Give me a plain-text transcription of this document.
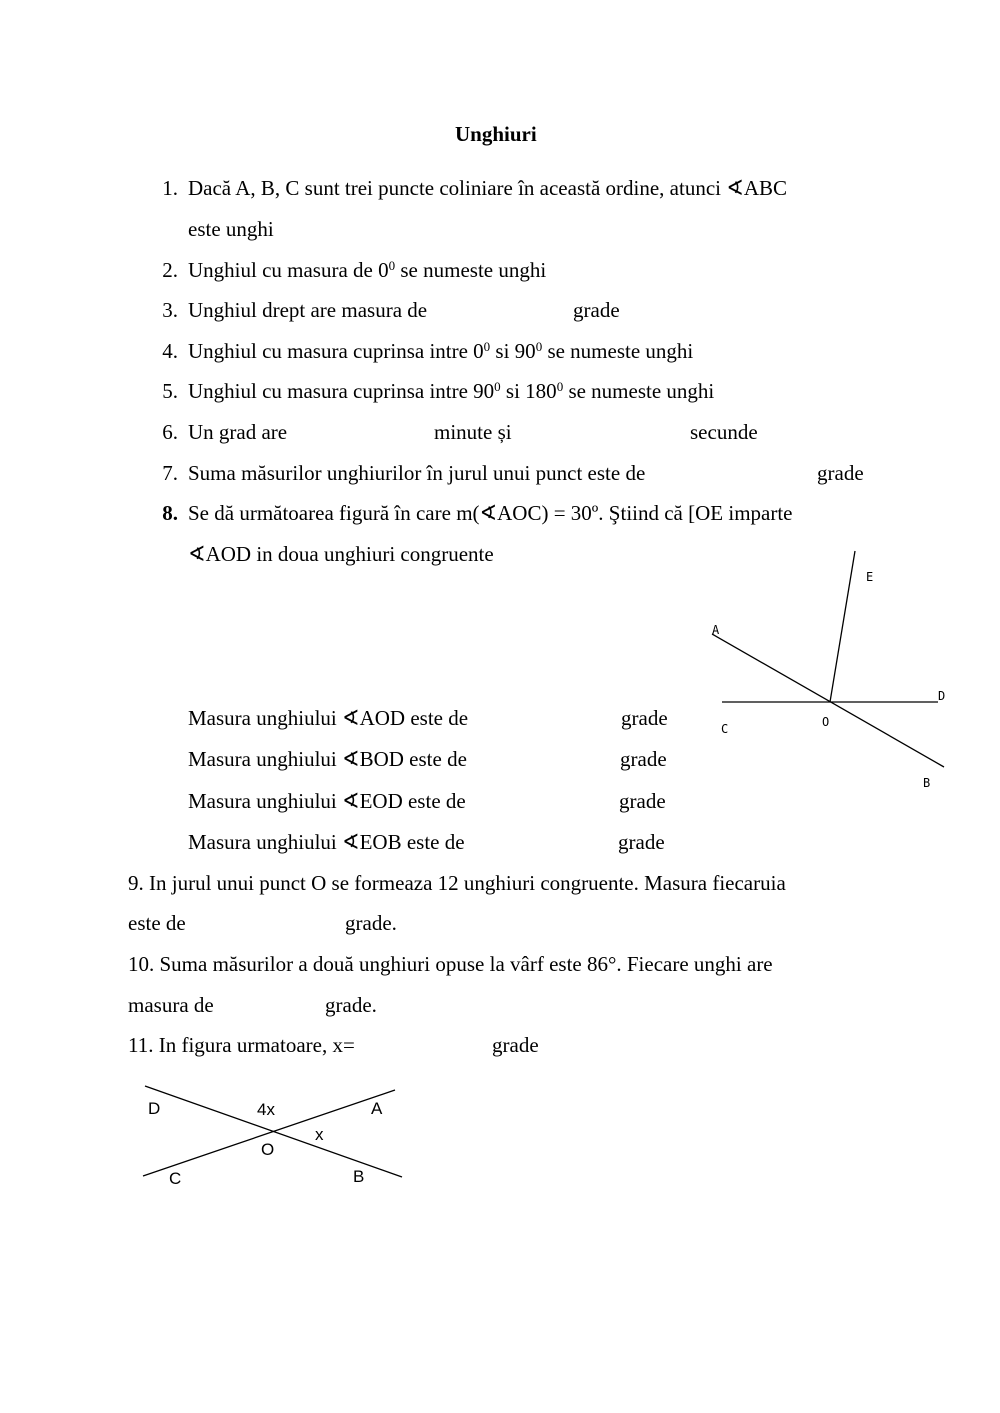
Unghiuri
1. Dacă A, B, C sunt trei puncte coliniare în această ordine, atunci ∢ABC
este unghi
2. Unghiul cu masura de $0^0$ se numeste unghi
3. Unghiul drept are masura de	grade
4. Unghiul cu masura cuprinsa intre $0^0$ si $90^0$ se numeste unghi
5. Unghiul cu masura cuprinsa intre $90^0$ si $180^0$ se numeste unghi
6. Un grad are	minute și	secunde
7. Suma măsurilor unghiurilor în jurul unui punct este de	grade
8. Se dă următoarea figură în care m(∢AOC) = 30º. Ştiind că [OE imparte
∢AOD in doua unghiuri congruente
Masura unghiului ∢AOD este de	grade
Masura unghiului ∢BOD este de	grade
Masura unghiului ∢EOD este de	grade
Masura unghiului ∢EOB este de	grade
9. In jurul unui punct O se formeaza 12 unghiuri congruente. Masura fiecaruia
este de	grade.
10. Suma măsurilor a două unghiuri opuse la vârf este 86°. Fiecare unghi are
masura de	grade.
11. In figura urmatoare, x=	grade
A
E
D
C	O
B
D	4x	A
x
O
C	B
